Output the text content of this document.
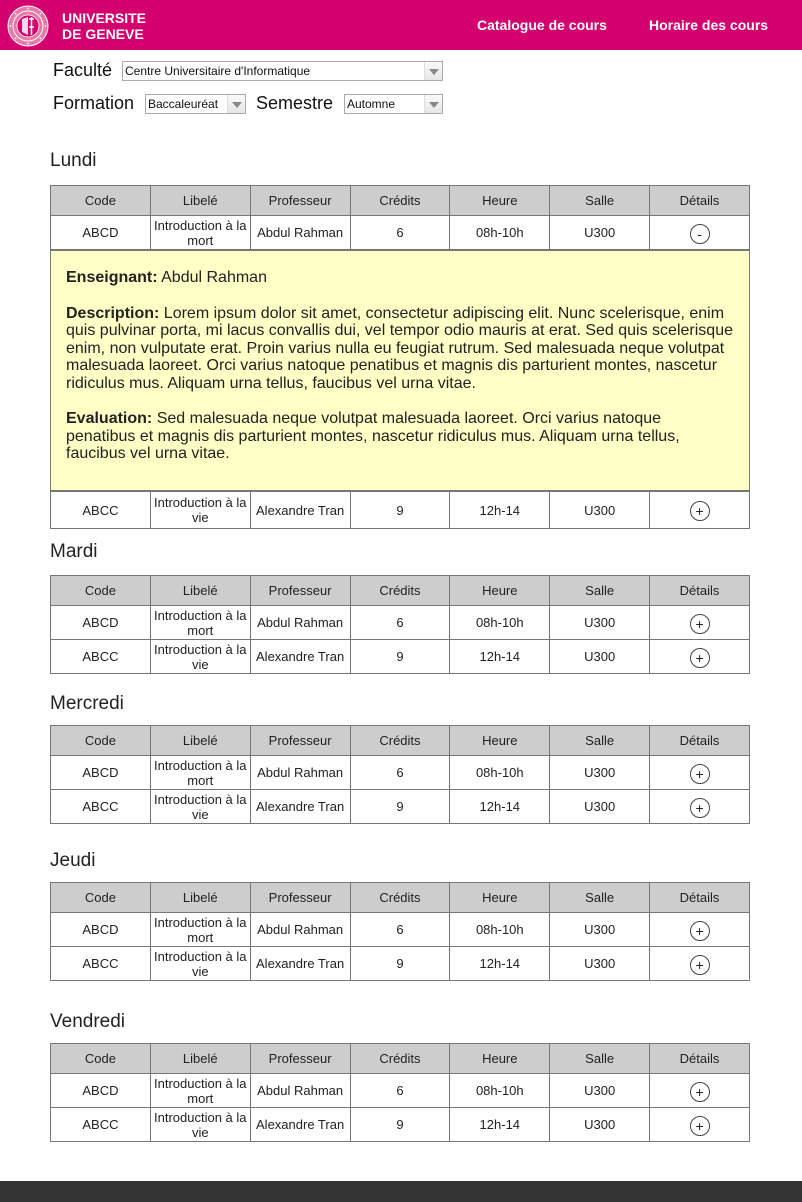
UNIVERSITE
DE GENEVE
Catalogue de cours	Horaire des cours
Faculté Centre Universitaire d'Informatique
Formation Baccaleuréat	Semestre Automne
Lundi
Code	Libelé	Professeur	Crédits	Heure	Salle	Détails
ABCD	Introduction à la mort	Abdul Rahman	6	08h-10h	U300	-

Enseignant: Abdul Rahman

Description: Lorem ipsum dolor sit amet, consectetur adipiscing elit. Nunc scelerisque, enim quis pulvinar porta, mi lacus convallis dui, vel tempor odio mauris at erat. Sed quis scelerisque enim, non vulputate erat. Proin varius nulla eu feugiat rutrum. Sed malesuada neque volutpat malesuada laoreet. Orci varius natoque penatibus et magnis dis parturient montes, nascetur ridiculus mus. Aliquam urna tellus, faucibus vel urna vitae.

Evaluation: Sed malesuada neque volutpat malesuada laoreet. Orci varius natoque penatibus et magnis dis parturient montes, nascetur ridiculus mus. Aliquam urna tellus, faucibus vel urna vitae.

ABCC	Introduction à la vie	Alexandre Tran	9	12h-14	U300	+
Mardi
Code	Libelé	Professeur	Crédits	Heure	Salle	Détails
ABCD	Introduction à la mort	Abdul Rahman	6	08h-10h	U300	+
ABCC	Introduction à la vie	Alexandre Tran	9	12h-14	U300	+
Mercredi
Code	Libelé	Professeur	Crédits	Heure	Salle	Détails
ABCD	Introduction à la mort	Abdul Rahman	6	08h-10h	U300	+
ABCC	Introduction à la vie	Alexandre Tran	9	12h-14	U300	+
Jeudi
Code	Libelé	Professeur	Crédits	Heure	Salle	Détails
ABCD	Introduction à la mort	Abdul Rahman	6	08h-10h	U300	+
ABCC	Introduction à la vie	Alexandre Tran	9	12h-14	U300	+
Vendredi
Code	Libelé	Professeur	Crédits	Heure	Salle	Détails
ABCD	Introduction à la mort	Abdul Rahman	6	08h-10h	U300	+
ABCC	Introduction à la vie	Alexandre Tran	9	12h-14	U300	+
